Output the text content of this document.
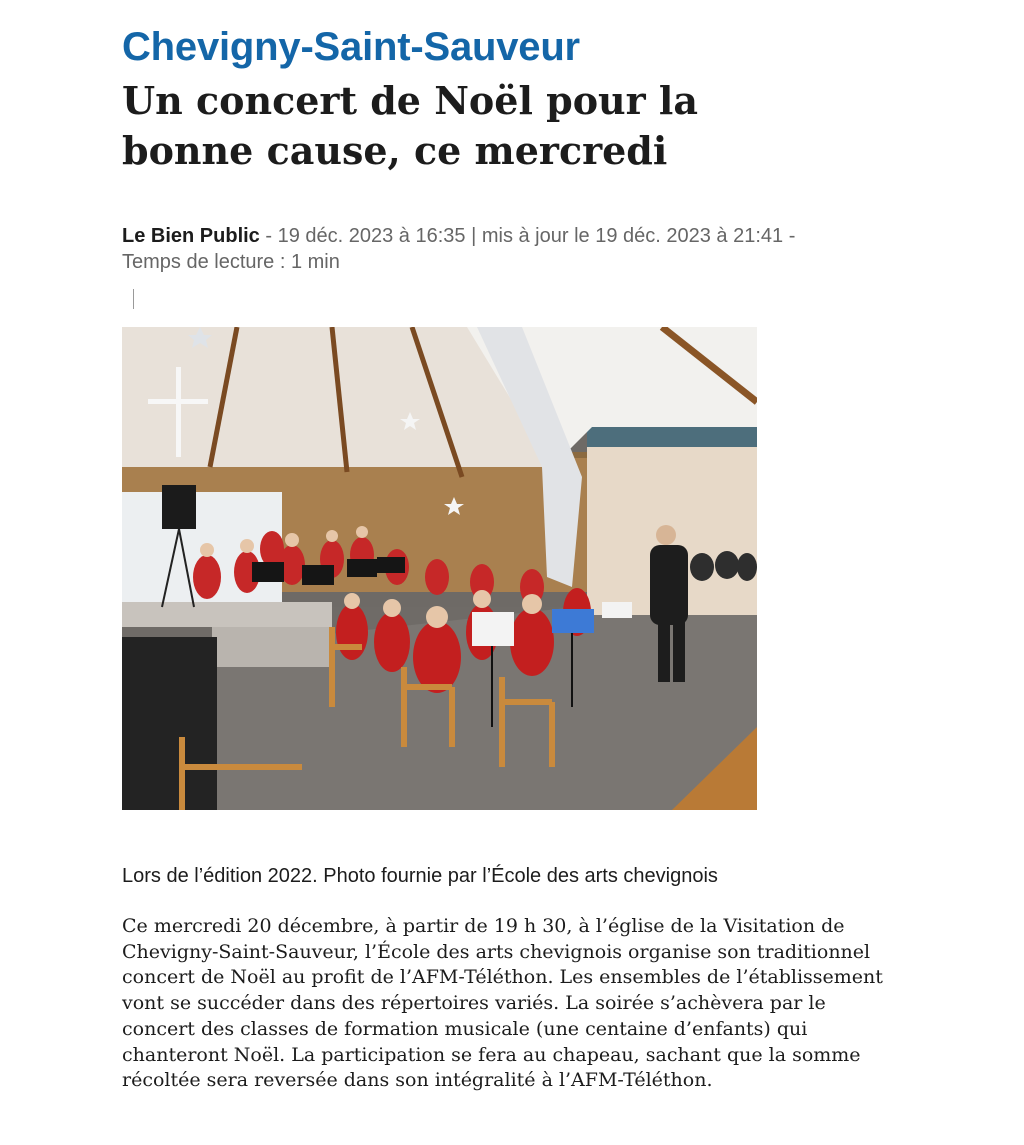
Chevigny-Saint-Sauveur
Un concert de Noël pour la bonne cause, ce mercredi
Le Bien Public - 19 déc. 2023 à 16:35 | mis à jour le 19 déc. 2023 à 21:41 -
Temps de lecture : 1 min
Lors de l’édition 2022. Photo fournie par l’École des arts chevignois

Ce mercredi 20 décembre, à partir de 19 h 30, à l’église de la Visitation de Chevigny-Saint-Sauveur, l’École des arts chevignois organise son traditionnel concert de Noël au profit de l’AFM-Téléthon. Les ensembles de l’établissement vont se succéder dans des répertoires variés. La soirée s’achèvera par le concert des classes de formation musicale (une centaine d’enfants) qui chanteront Noël. La participation se fera au chapeau, sachant que la somme récoltée sera reversée dans son intégralité à l’AFM-Téléthon.
